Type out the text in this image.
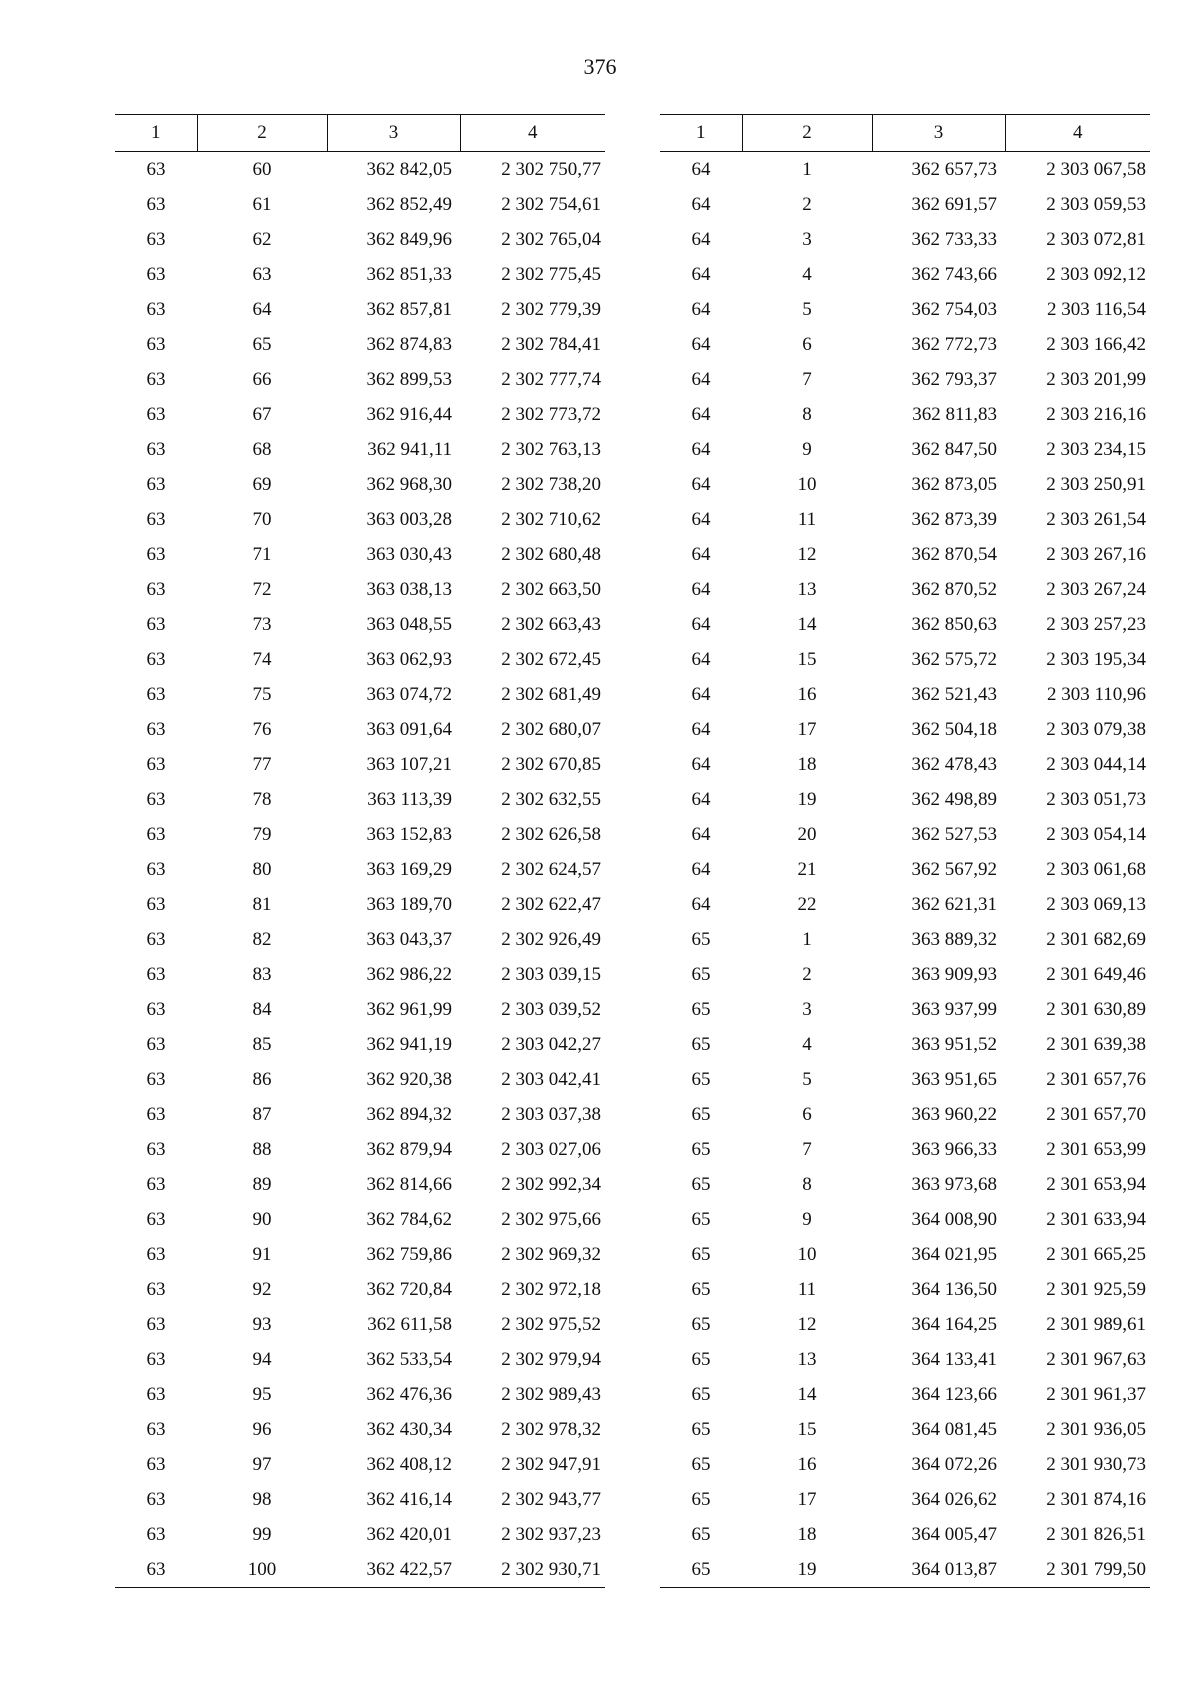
376
1	2	3	4
63	60	362 842,05	2 302 750,77
63	61	362 852,49	2 302 754,61
63	62	362 849,96	2 302 765,04
63	63	362 851,33	2 302 775,45
63	64	362 857,81	2 302 779,39
63	65	362 874,83	2 302 784,41
63	66	362 899,53	2 302 777,74
63	67	362 916,44	2 302 773,72
63	68	362 941,11	2 302 763,13
63	69	362 968,30	2 302 738,20
63	70	363 003,28	2 302 710,62
63	71	363 030,43	2 302 680,48
63	72	363 038,13	2 302 663,50
63	73	363 048,55	2 302 663,43
63	74	363 062,93	2 302 672,45
63	75	363 074,72	2 302 681,49
63	76	363 091,64	2 302 680,07
63	77	363 107,21	2 302 670,85
63	78	363 113,39	2 302 632,55
63	79	363 152,83	2 302 626,58
63	80	363 169,29	2 302 624,57
63	81	363 189,70	2 302 622,47
63	82	363 043,37	2 302 926,49
63	83	362 986,22	2 303 039,15
63	84	362 961,99	2 303 039,52
63	85	362 941,19	2 303 042,27
63	86	362 920,38	2 303 042,41
63	87	362 894,32	2 303 037,38
63	88	362 879,94	2 303 027,06
63	89	362 814,66	2 302 992,34
63	90	362 784,62	2 302 975,66
63	91	362 759,86	2 302 969,32
63	92	362 720,84	2 302 972,18
63	93	362 611,58	2 302 975,52
63	94	362 533,54	2 302 979,94
63	95	362 476,36	2 302 989,43
63	96	362 430,34	2 302 978,32
63	97	362 408,12	2 302 947,91
63	98	362 416,14	2 302 943,77
63	99	362 420,01	2 302 937,23
63	100	362 422,57	2 302 930,71
1	2	3	4
64	1	362 657,73	2 303 067,58
64	2	362 691,57	2 303 059,53
64	3	362 733,33	2 303 072,81
64	4	362 743,66	2 303 092,12
64	5	362 754,03	2 303 116,54
64	6	362 772,73	2 303 166,42
64	7	362 793,37	2 303 201,99
64	8	362 811,83	2 303 216,16
64	9	362 847,50	2 303 234,15
64	10	362 873,05	2 303 250,91
64	11	362 873,39	2 303 261,54
64	12	362 870,54	2 303 267,16
64	13	362 870,52	2 303 267,24
64	14	362 850,63	2 303 257,23
64	15	362 575,72	2 303 195,34
64	16	362 521,43	2 303 110,96
64	17	362 504,18	2 303 079,38
64	18	362 478,43	2 303 044,14
64	19	362 498,89	2 303 051,73
64	20	362 527,53	2 303 054,14
64	21	362 567,92	2 303 061,68
64	22	362 621,31	2 303 069,13
65	1	363 889,32	2 301 682,69
65	2	363 909,93	2 301 649,46
65	3	363 937,99	2 301 630,89
65	4	363 951,52	2 301 639,38
65	5	363 951,65	2 301 657,76
65	6	363 960,22	2 301 657,70
65	7	363 966,33	2 301 653,99
65	8	363 973,68	2 301 653,94
65	9	364 008,90	2 301 633,94
65	10	364 021,95	2 301 665,25
65	11	364 136,50	2 301 925,59
65	12	364 164,25	2 301 989,61
65	13	364 133,41	2 301 967,63
65	14	364 123,66	2 301 961,37
65	15	364 081,45	2 301 936,05
65	16	364 072,26	2 301 930,73
65	17	364 026,62	2 301 874,16
65	18	364 005,47	2 301 826,51
65	19	364 013,87	2 301 799,50
